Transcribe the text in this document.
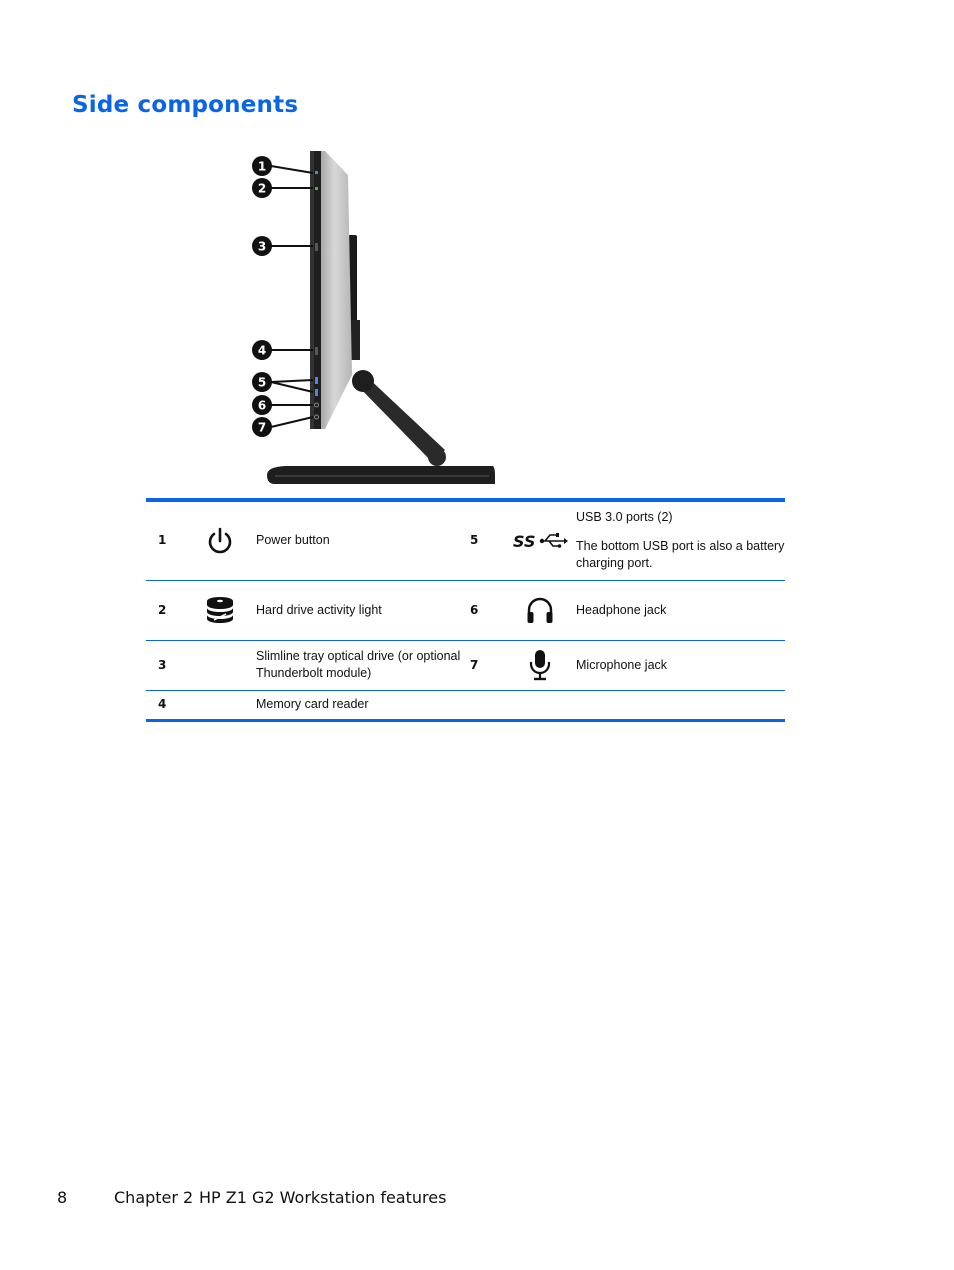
Side components
1
2
3
4
5
6
7
1		Power button	5	SS	USB 3.0 ports (2)

The bottom USB port is also a battery charging port.

2		Hard drive activity light	6		Headphone jack
3		Slimline tray optical drive (or optional Thunderbolt module)	7		Microphone jack
4		Memory card reader			
8	Chapter 2 HP Z1 G2 Workstation features
